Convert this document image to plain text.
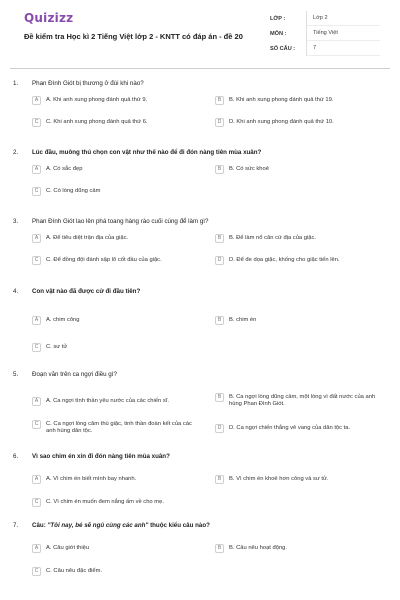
Quizizz
Đề kiểm tra Học kì 2 Tiếng Việt lớp 2 - KNTT có đáp án - đề 20
LỚP :	Lớp 2
MÔN :	Tiếng Việt
SỐ CÂU :	7
1.	Phan Đình Giót bị thương ở đùi khi nào?
A	A. Khi anh xung phong đánh quả thứ 9.	B	B. Khi anh xung phong đánh quả thứ 19.
C	C. Khi anh xung phong đánh quả thứ 6.	D	D. Khi anh xung phong đánh quả thứ 10.
2.	Lúc đầu, muông thú chọn con vật như thế nào để đi đón nàng tiên mùa xuân?
A	A. Có sắc đẹp	B	B. Có sức khoẻ
C	C. Có lòng dũng cảm
3.	Phan Đình Giót lao lên phá toang hàng rào cuối cùng để làm gì?
A	A. Để tiêu diệt trận địa của giặc.	B	B. Để làm nổ căn cứ địa của giặc.
C	C. Để đồng đội đánh sập lô cốt đầu của giặc.	D	D. Để đe dọa giặc, khống cho giặc tiến lên.
4.	Con vật nào đã được cử đi đầu tiên?
A	A. chim công	B	B. chim én
C	C. sư tử
5.	Đoạn văn trên ca ngợi điều gì?
A	A. Ca ngợi tình thần yêu nước của các chiến sĩ.
B	B. Ca ngợi lòng dũng cảm, một lòng vì đất nước của anh hùng Phan Đình Giót.
C	C. Ca ngợi lòng căm thù giặc, tinh thần đoàn kết của các anh hùng dân tộc.
D	D. Ca ngợi chiến thắng vẻ vang của dân tộc ta.
6.	Vì sao chim én xin đi đón nàng tiên mùa xuân?
A	A. Vì chim én biết mình bay nhanh.	B	B. Vì chim én khoẻ hơn công và sư tử.
C	C. Vì chim én muốn đem nắng ấm về cho mẹ.
7.	Câu: "Tôi nay, bé sẽ ngủ cùng các anh" thuộc kiểu câu nào?
A	A. Câu giới thiệu	B	B. Câu nêu hoạt động.
C	C. Câu nêu đặc điểm.
